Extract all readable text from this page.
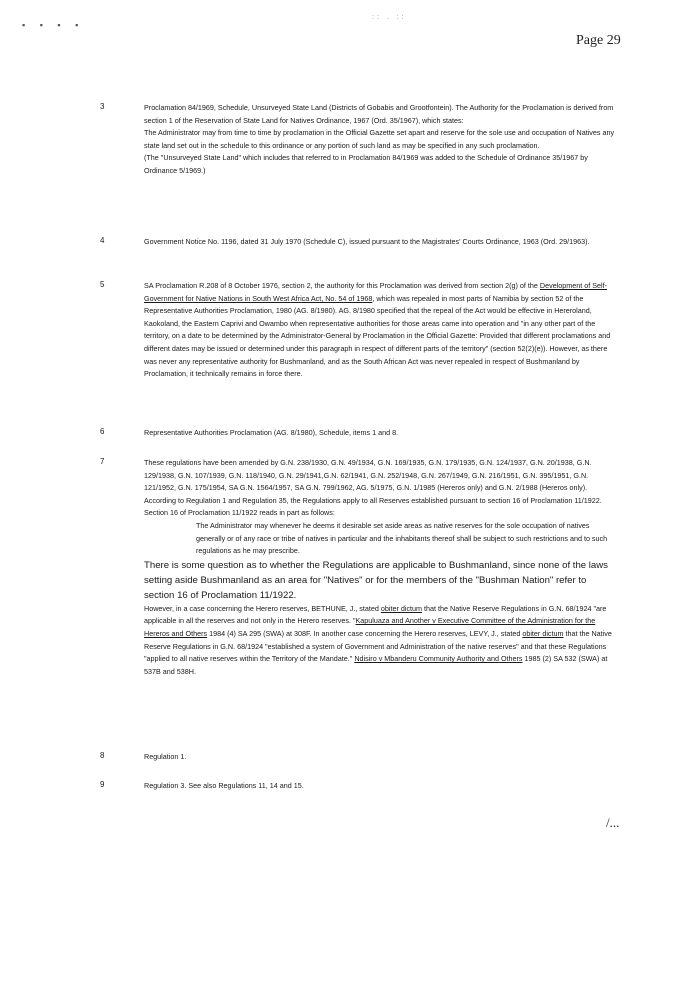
▪ ▪ ▪ ▪
:: . ::
Page 29
3	Proclamation 84/1969, Schedule, Unsurveyed State Land (Districts of Gobabis and Grootfontein). The Authority for the Proclamation is derived from section 1 of the Reservation of State Land for Natives Ordinance, 1967 (Ord. 35/1967), which states:

The Administrator may from time to time by proclamation in the Official Gazette set apart and reserve for the sole use and occupation of Natives any state land set out in the schedule to this ordinance or any portion of such land as may be specified in any such proclamation.

(The "Unsurveyed State Land" which includes that referred to in Proclamation 84/1969 was added to the Schedule of Ordinance 35/1967 by Ordinance 5/1969.)

4	Government Notice No. 1196, dated 31 July 1970 (Schedule C), issued pursuant to the Magistrates' Courts Ordinance, 1963 (Ord. 29/1963).

5	SA Proclamation R.208 of 8 October 1976, section 2, the authority for this Proclamation was derived from section 2(g) of the Development of Self-Government for Native Nations in South West Africa Act, No. 54 of 1968, which was repealed in most parts of Namibia by section 52 of the Representative Authorities Proclamation, 1980 (AG. 8/1980). AG. 8/1980 specified that the repeal of the Act would be effective in Hereroland, Kaokoland, the Eastern Caprivi and Owambo when representative authorities for those areas came into operation and "in any other part of the territory, on a date to be determined by the Administrator-General by Proclamation in the Official Gazette: Provided that different proclamations and different dates may be issued or determined under this paragraph in respect of different parts of the territory" (section 52(2)(e)). However, as there was never any representative authority for Bushmanland, and as the South African Act was never repealed in respect of Bushmanland by Proclamation, it technically remains in force there.

6	Representative Authorities Proclamation (AG. 8/1980), Schedule, items 1 and 8.

7	These regulations have been amended by G.N. 238/1930, G.N. 49/1934, G.N. 169/1935, G.N. 179/1935, G.N. 124/1937, G.N. 20/1938, G.N. 129/1938, G.N. 107/1939, G.N. 118/1940, G.N. 29/1941,G.N. 62/1941, G.N. 252/1948, G.N. 267/1949, G.N. 216/1951, G.N. 395/1951, G.N. 121/1952, G.N. 175/1954, SA G.N. 1564/1957, SA G.N. 799/1962, AG. 5/1975, G.N. 1/1985 (Hereros only) and G.N. 2/1988 (Hereros only).

According to Regulation 1 and Regulation 35, the Regulations apply to all Reserves established pursuant to section 16 of Proclamation 11/1922. Section 16 of Proclamation 11/1922 reads in part as follows:

The Administrator may whenever he deems it desirable set aside areas as native reserves for the sole occupation of natives generally or of any race or tribe of natives in particular and the inhabitants thereof shall be subject to such restrictions and to such regulations as he may prescribe.

There is some question as to whether the Regulations are applicable to Bushmanland, since none of the laws setting aside Bushmanland as an area for "Natives" or for the members of the "Bushman Nation" refer to section 16 of Proclamation 11/1922.

However, in a case concerning the Herero reserves, BETHUNE, J., stated obiter dictum that the Native Reserve Regulations in G.N. 68/1924 "are applicable in all the reserves and not only in the Herero reserves. "Kapuluaza and Another v Executive Committee of the Administration for the Hereros and Others 1984 (4) SA 295 (SWA) at 308F. In another case concerning the Herero reserves, LEVY, J., stated obiter dictum that the Native Reserve Regulations in G.N. 68/1924 "established a system of Government and Administration of the native reserves" and that these Regulations "applied to all native reserves within the Territory of the Mandate." Ndisiro v Mbanderu Community Authority and Others 1985 (2) SA 532 (SWA) at 537B and 538H.

8	Regulation 1.

9	Regulation 3. See also Regulations 11, 14 and 15.

/...
